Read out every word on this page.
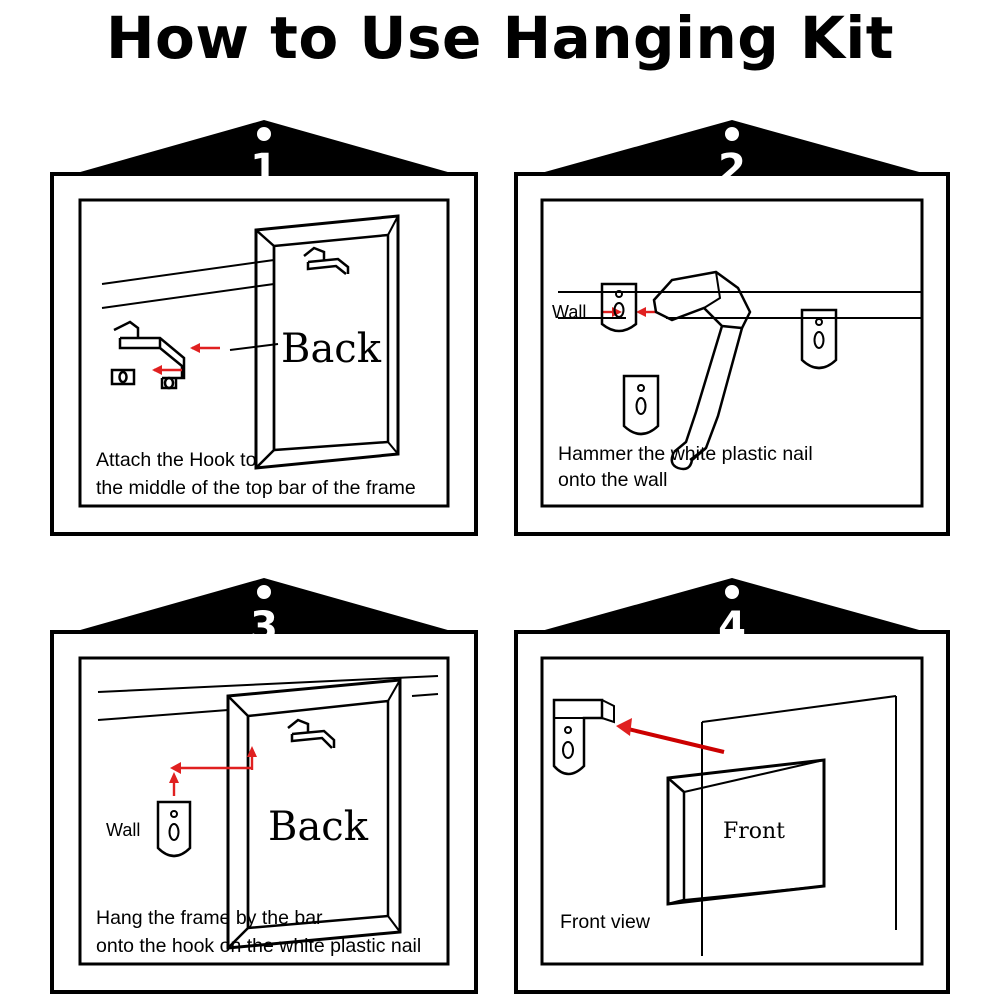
How to Use Hanging Kit
1
Back
Attach the Hook to
the middle of the top bar of the frame
2
Wall
Hammer the white plastic nail
onto the wall
3
Back
Wall
Hang the frame by the bar
onto the hook on the white plastic nail
4
Front
Front view
